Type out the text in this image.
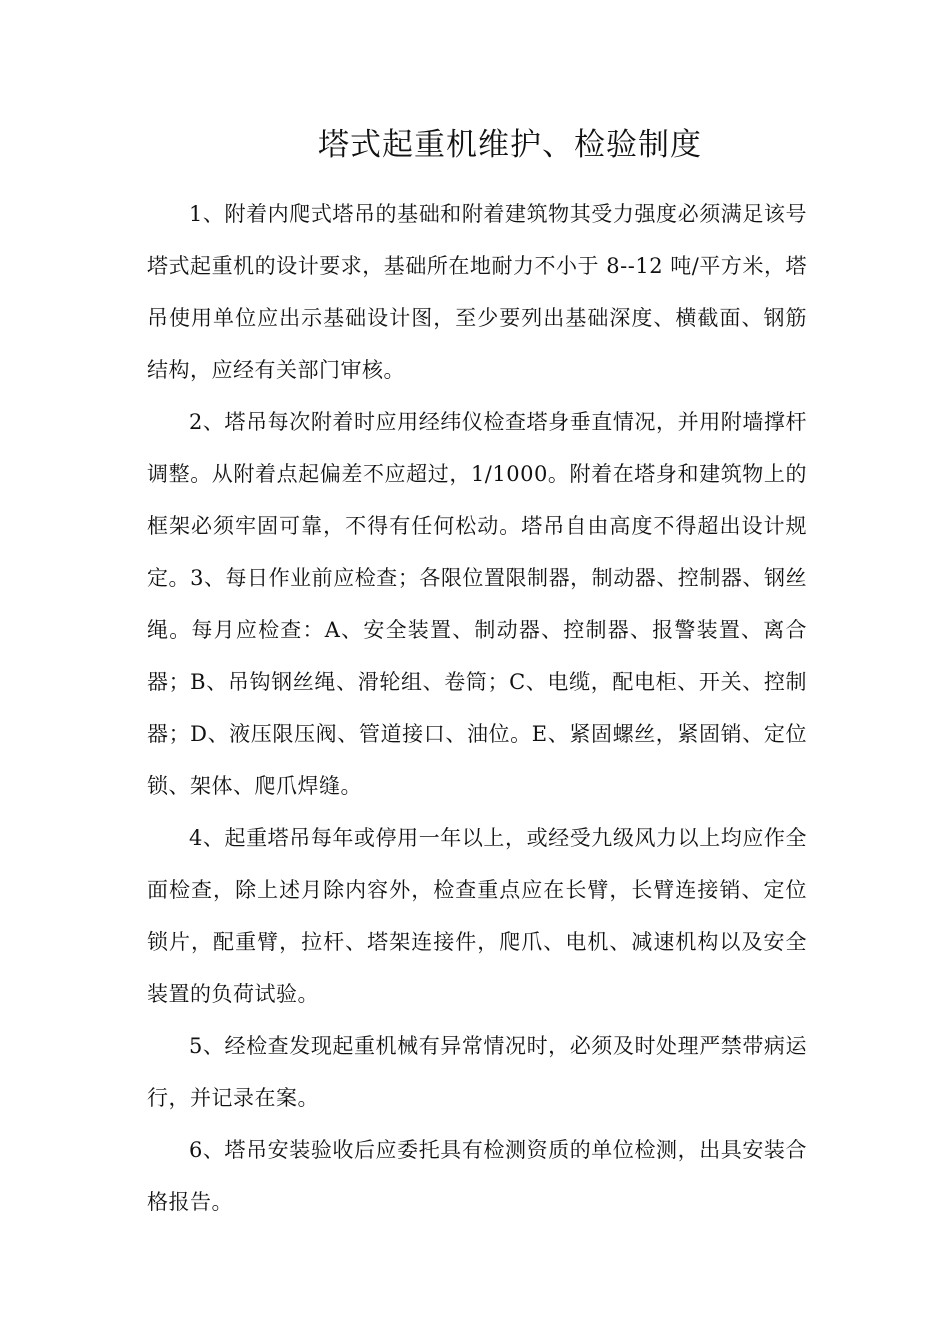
塔式起重机维护、检验制度

1、附着内爬式塔吊的基础和附着建筑物其受力强度必须满足该号塔式起重机的设计要求，基础所在地耐力不小于 8--12 吨/平方米，塔吊使用单位应出示基础设计图，至少要列出基础深度、横截面、钢筋结构，应经有关部门审核。

2、塔吊每次附着时应用经纬仪检查塔身垂直情况，并用附墙撑杆调整。从附着点起偏差不应超过，1/1000。附着在塔身和建筑物上的框架必须牢固可靠，不得有任何松动。塔吊自由高度不得超出设计规定。3、每日作业前应检查；各限位置限制器，制动器、控制器、钢丝绳。每月应检查：A、安全装置、制动器、控制器、报警装置、离合器；B、吊钩钢丝绳、滑轮组、卷筒；C、电缆，配电柜、开关、控制器；D、液压限压阀、管道接口、油位。E、紧固螺丝，紧固销、定位锁、架体、爬爪焊缝。

4、起重塔吊每年或停用一年以上，或经受九级风力以上均应作全面检查，除上述月除内容外，检查重点应在长臂，长臂连接销、定位锁片，配重臂，拉杆、塔架连接件，爬爪、电机、减速机构以及安全装置的负荷试验。

5、经检查发现起重机械有异常情况时，必须及时处理严禁带病运行，并记录在案。

6、塔吊安装验收后应委托具有检测资质的单位检测，出具安装合格报告。
